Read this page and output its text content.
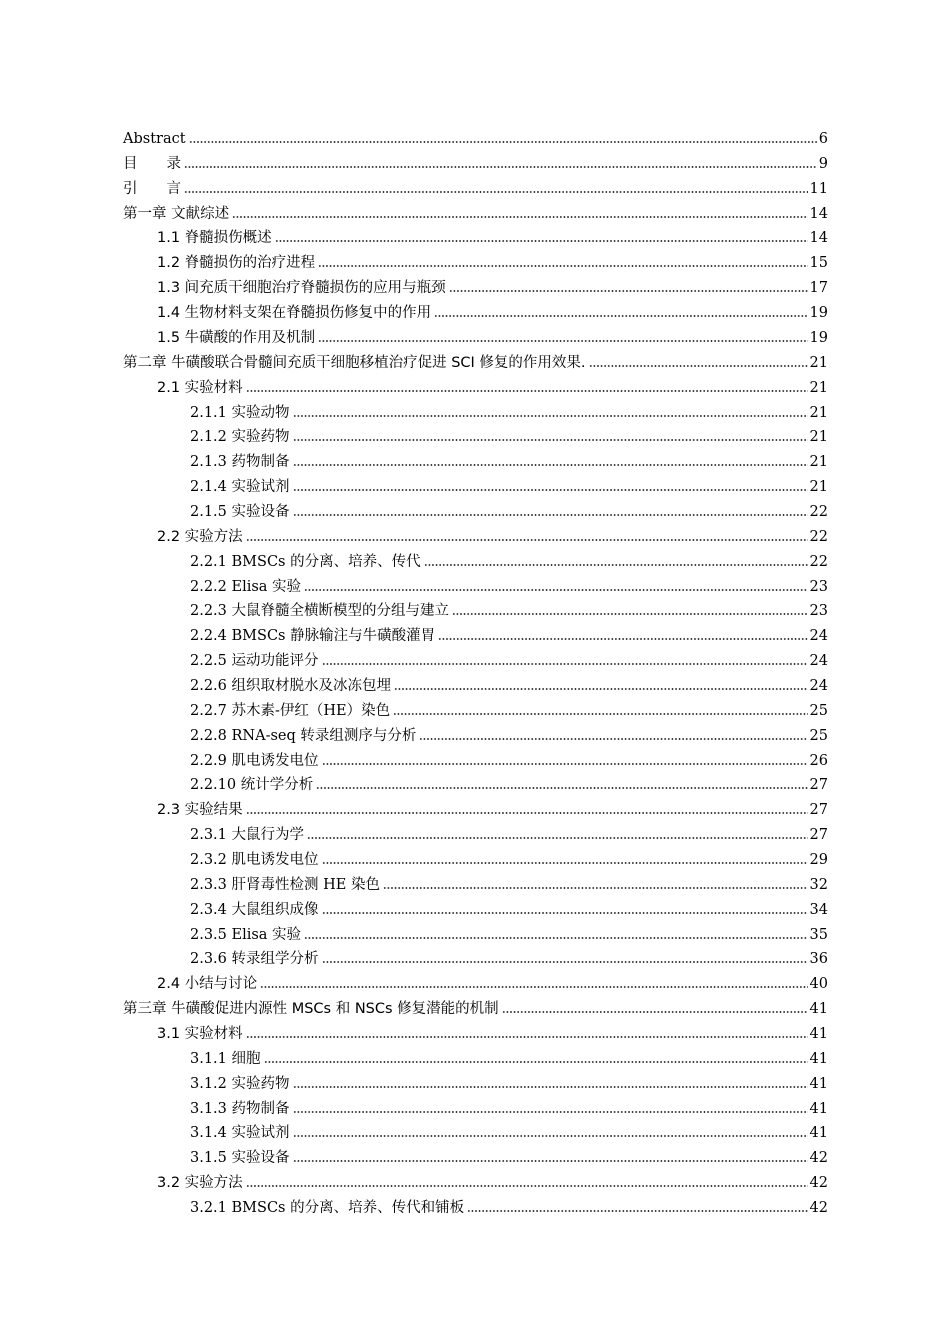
Abstract	6
目　　录	9
引　　言	11
第一章 文献综述	14
1.1 脊髓损伤概述	14
1.2 脊髓损伤的治疗进程	15
1.3 间充质干细胞治疗脊髓损伤的应用与瓶颈	17
1.4 生物材料支架在脊髓损伤修复中的作用	19
1.5 牛磺酸的作用及机制	19
第二章 牛磺酸联合骨髓间充质干细胞移植治疗促进 SCI 修复的作用效果.	21
2.1 实验材料	21
2.1.1 实验动物	21
2.1.2 实验药物	21
2.1.3 药物制备	21
2.1.4 实验试剂	21
2.1.5 实验设备	22
2.2 实验方法	22
2.2.1 BMSCs 的分离、培养、传代	22
2.2.2 Elisa 实验	23
2.2.3 大鼠脊髓全横断模型的分组与建立	23
2.2.4 BMSCs 静脉输注与牛磺酸灌胃	24
2.2.5 运动功能评分	24
2.2.6 组织取材脱水及冰冻包埋	24
2.2.7 苏木素-伊红（HE）染色	25
2.2.8 RNA-seq 转录组测序与分析	25
2.2.9 肌电诱发电位	26
2.2.10 统计学分析	27
2.3 实验结果	27
2.3.1 大鼠行为学	27
2.3.2 肌电诱发电位	29
2.3.3 肝肾毒性检测 HE 染色	32
2.3.4 大鼠组织成像	34
2.3.5 Elisa 实验	35
2.3.6 转录组学分析	36
2.4 小结与讨论	40
第三章 牛磺酸促进内源性 MSCs 和 NSCs 修复潜能的机制	41
3.1 实验材料	41
3.1.1 细胞	41
3.1.2 实验药物	41
3.1.3 药物制备	41
3.1.4 实验试剂	41
3.1.5 实验设备	42
3.2 实验方法	42
3.2.1 BMSCs 的分离、培养、传代和铺板	42
